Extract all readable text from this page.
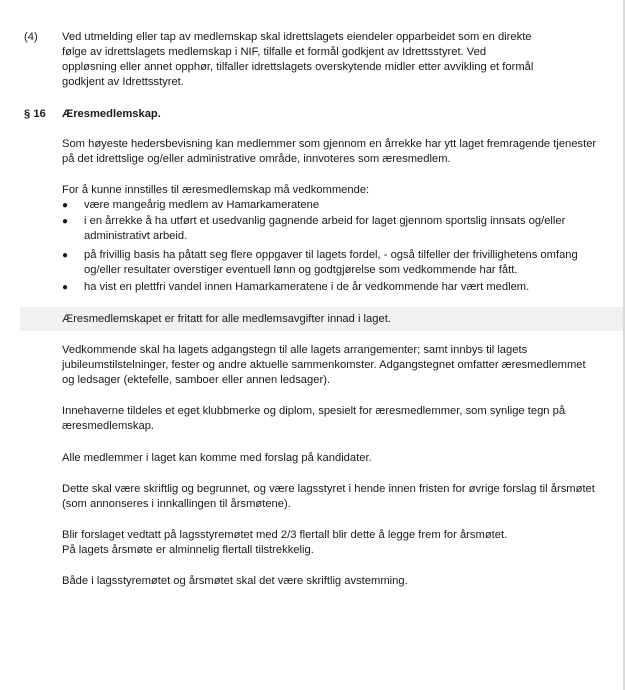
(4) Ved utmelding eller tap av medlemskap skal idrettslagets eiendeler opparbeidet som en direkte
følge av idrettslagets medlemskap i NIF, tilfalle et formål godkjent av Idrettsstyret. Ved
oppløsning eller annet opphør, tilfaller idrettslagets overskytende midler etter avvikling et formål
godkjent av Idrettsstyret.

§ 16 Æresmedlemskap.

Som høyeste hedersbevisning kan medlemmer som gjennom en årrekke har ytt laget fremragende tjenester
på det idrettslige og/eller administrative område, innvoteres som æresmedlem.

For å kunne innstilles til æresmedlemskap må vedkommende:

● være mangeårig medlem av Hamarkameratene

● i en årrekke å ha utført et usedvanlig gagnende arbeid for laget gjennom sportslig innsats og/eller
administrativt arbeid.

● på frivillig basis ha påtatt seg flere oppgaver til lagets fordel, - også tilfeller der frivillighetens omfang
og/eller resultater overstiger eventuell lønn og godtgjørelse som vedkommende har fått.

● ha vist en plettfri vandel innen Hamarkameratene i de år vedkommende har vært medlem.

Æresmedlemskapet er fritatt for alle medlemsavgifter innad i laget.

Vedkommende skal ha lagets adgangstegn til alle lagets arrangementer; samt innbys til lagets
jubileumstilstelninger, fester og andre aktuelle sammenkomster. Adgangstegnet omfatter æresmedlemmet
og ledsager (ektefelle, samboer eller annen ledsager).

Innehaverne tildeles et eget klubbmerke og diplom, spesielt for æresmedlemmer, som synlige tegn på
æresmedlemskap.

Alle medlemmer i laget kan komme med forslag på kandidater.

Dette skal være skriftlig og begrunnet, og være lagsstyret i hende innen fristen for øvrige forslag til årsmøtet
(som annonseres i innkallingen til årsmøtene).

Blir forslaget vedtatt på lagsstyremøtet med 2/3 flertall blir dette å legge frem for årsmøtet.
På lagets årsmøte er alminnelig flertall tilstrekkelig.

Både i lagsstyremøtet og årsmøtet skal det være skriftlig avstemming.
